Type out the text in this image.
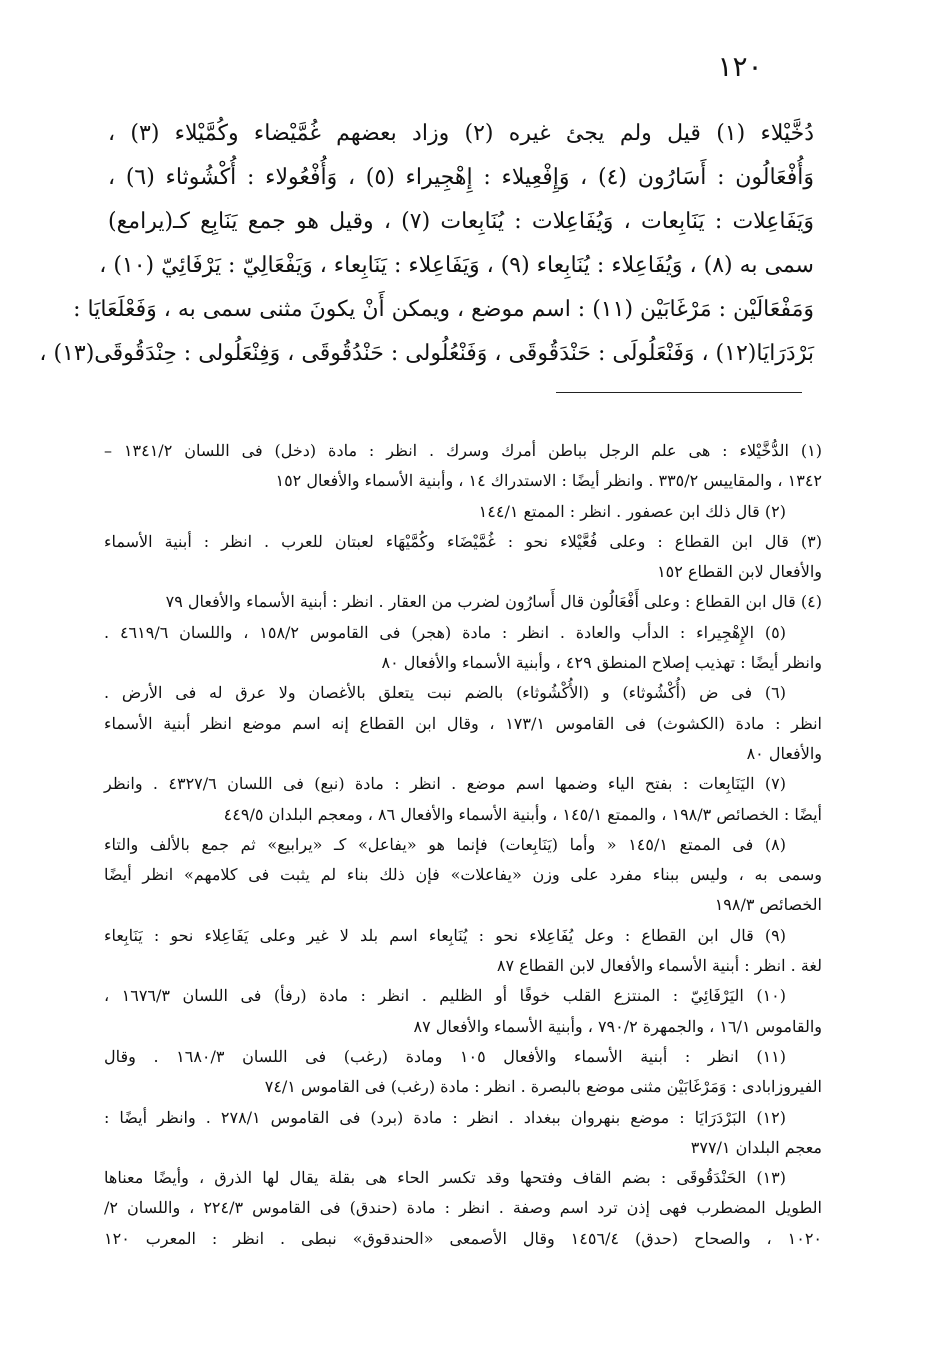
١٢٠
دُخَّيْلاء (١) قيل ولم يجئ غيره (٢) وزاد بعضهم غُمَّيْضاء وكُمَّيْلاء (٣) ،
وَأُفْعَالُون : أَسَارُون (٤) ، وَإِفْعِيلاء : إِهْجِيراء (٥) ، وَأُفْعُولاء : أُكْشُوثاء (٦) ،
وَيَفَاعِلات : يَنَابِعات ، وَيُفَاعِلات : يُنَابِعات (٧) ، وقيل هو جمع يَنَابِع كـ(يرامع)
سمى به (٨) ، وَيُفَاعِلاء : يُنَابِعاء (٩) ، وَيَفَاعِلاء : يَنَابِعاء ، وَيَفْعَالِيّ : يَرْفَائِيّ (١٠) ،
وَمَفْعَالَيْن : مَرْغَابَيْن (١١) : اسم موضع ، ويمكن أَنْ يكونَ مثنى سمى به ، وَفَعْلَعَايَا :
بَرْدَرَايَا(١٢) ، وَفَنْعَلُولَى : حَنْدَقُوقَى ، وَفَنْعُلُولى : حَنْدُقُوقَى ، وَفِنْعَلُولى : حِنْدَقُوقَى(١٣) ،
(١) الدُّخَّيْلاء : هى علم الرجل بباطن أمرك وسرك . انظر : مادة (دخل) فى اللسان ١٣٤١/٢ –
١٣٤٢ ، والمقاييس ٣٣٥/٢ . وانظر أيضًا : الاستدراك ١٤ ، وأبنية الأسماء والأفعال ١٥٢
(٢) قال ذلك ابن عصفور . انظر : الممتع ١٤٤/١
(٣) قال ابن القطاع : وعلى فُعَّيْلاء نحو : غُمَّيْضَاء وكُمَّيْهَاء لعبتان للعرب . انظر : أبنية الأسماء
والأفعال لابن القطاع ١٥٢
(٤) قال ابن القطاع : وعلى أَفْعَالُون قال أَسارُون لضرب من العقار . انظر : أبنية الأسماء والأفعال ٧٩
(٥) الإِهْجِيراء : الدأب والعادة . انظر : مادة (هجر) فى القاموس ١٥٨/٢ ، واللسان ٤٦١٩/٦ .
وانظر أيضًا : تهذيب إصلاح المنطق ٤٢٩ ، وأبنية الأسماء والأفعال ٨٠
(٦) فى ض (أُكْشُوثاء) و (الأُكْشُوثاء) بالضم نبت يتعلق بالأغصان ولا عرق له فى الأرض .
انظر : مادة (الكشوث) فى القاموس ١٧٣/١ ، وقال ابن القطاع إنه اسم موضع انظر أبنية الأسماء
والأفعال ٨٠
(٧) اليَنَابِعات : بفتح الياء وضمها اسم موضع . انظر : مادة (نبع) فى اللسان ٤٣٢٧/٦ . وانظر
أيضًا : الخصائص ١٩٨/٣ ، والممتع ١٤٥/١ ، وأبنية الأسماء والأفعال ٨٦ ، ومعجم البلدان ٤٤٩/٥
(٨) فى الممتع ١٤٥/١ « وأما (يَنَابِعات) فإنما هو «يفاعل» كـ «يرابيع» ثم جمع بالألف والتاء
وسمى به ، وليس ببناء مفرد على وزن «يفاعلات» فإن ذلك بناء لم يثبت فى كلامهم» انظر أيضًا
الخصائص ١٩٨/٣
(٩) قال ابن القطاع : وعل يُفَاعِلاء نحو : يُنَابِعاء اسم بلد لا غير وعلى يَفَاعِلاء نحو : يَنَابِعاء
لغة . انظر : أبنية الأسماء والأفعال لابن القطاع ٨٧
(١٠) اليَرْفَائِيّ : المنتزع القلب خوفًا أو الظليم . انظر : مادة (رفأ) فى اللسان ١٦٧٦/٣ ،
والقاموس ١٦/١ ، والجمهرة ٧٩٠/٢ ، وأبنية الأسماء والأفعال ٨٧
(١١) انظر : أبنية الأسماء والأفعال ١٠٥ ومادة (رغب) فى اللسان ١٦٨٠/٣ . وقال
الفيروزابادى : وَمَرْغَابَيْن مثنى موضع بالبصرة . انظر : مادة (رغب) فى القاموس ٧٤/١
(١٢) البَرْدَرَايَا : موضع بنهروان ببغداد . انظر : مادة (برد) فى القاموس ٢٧٨/١ . وانظر أيضًا :
معجم البلدان ٣٧٧/١
(١٣) الحَنْدَقُوقَى : بضم القاف وفتحها وقد تكسر الحاء هى بقلة يقال لها الذرق ، وأيضًا معناها
الطويل المضطرب فهى إذن ترد اسم وصفة . انظر : مادة (حندق) فى القاموس ٢٢٤/٣ ، واللسان ٢/
١٠٢٠ ، والصحاح (حدق) ١٤٥٦/٤ وقال الأصمعى «الحندقوق» نبطى . انظر : المعرب ١٢٠
